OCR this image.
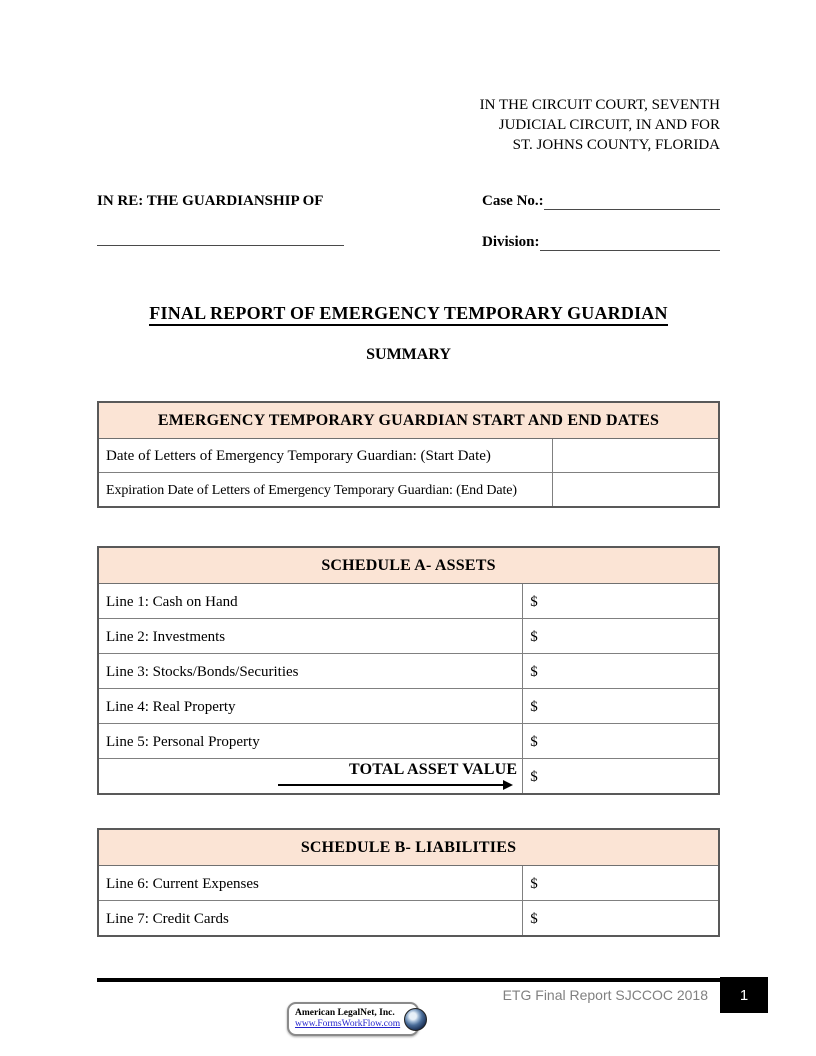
IN THE CIRCUIT COURT, SEVENTH
JUDICIAL CIRCUIT, IN AND FOR
ST. JOHNS COUNTY, FLORIDA
IN RE: THE GUARDIANSHIP OF	Case No.:
Division:
FINAL REPORT OF EMERGENCY TEMPORARY GUARDIAN
SUMMARY
EMERGENCY TEMPORARY GUARDIAN START AND END DATES	
Date of Letters of Emergency Temporary Guardian: (Start Date)	
Expiration Date of Letters of Emergency Temporary Guardian: (End Date)	
SCHEDULE A- ASSETS	
Line 1: Cash on Hand	$
Line 2: Investments	$
Line 3: Stocks/Bonds/Securities	$
Line 4: Real Property	$
Line 5: Personal Property	$

TOTAL ASSET VALUE	$
SCHEDULE B- LIABILITIES	
Line 6: Current Expenses	$
Line 7: Credit Cards	$
ETG Final Report SJCCOC 2018 1
American LegalNet, Inc.
www.FormsWorkFlow.com
